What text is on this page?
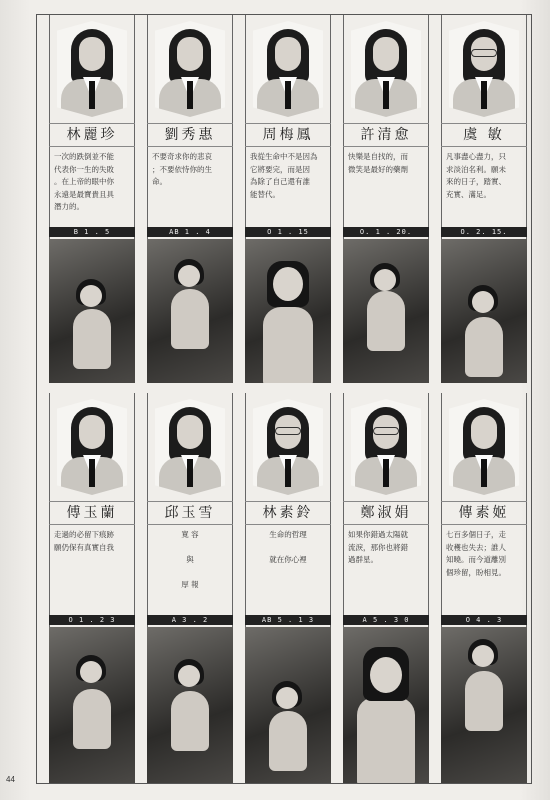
林麗珍
一次的跌倒並不能
代表你一生的失敗
。在上帝的眼中你
永遠是最寶貴且具
潛力的。
B 1 . 5
劉秀惠
不要奇求你的悲哀
；不要依恃你的生
命。
AB 1 . 4
周梅鳳
我從生命中不是因為
它將要完，而是因
為除了自己還有誰
能替代。
O 1 . 15
許清愈
快樂是自找的，而
微笑是最好的藥劑
O. 1 . 20.
虞 敏
凡事盡心盡力，只
求淡泊名利。願未
來的日子，踏實、
充實、滿足。
O. 2. 15.
傅玉蘭
走過的必留下痕跡
願仍保有真實自我
O 1 . 2 3
邱玉雪
寬 容

與

厚 報
A 3 . 2
林素鈴
生命的哲理

就在你心裡
AB 5 . 1 3
鄭淑娟
如果你錯過太陽就
流淚，那你也將錯
過群星。
A 5 . 3 0
傳素姬
七百多個日子，走
收穫也失去；誰人
知曉。而今道離別
個珍留，盼相見。
O 4 . 3
44
